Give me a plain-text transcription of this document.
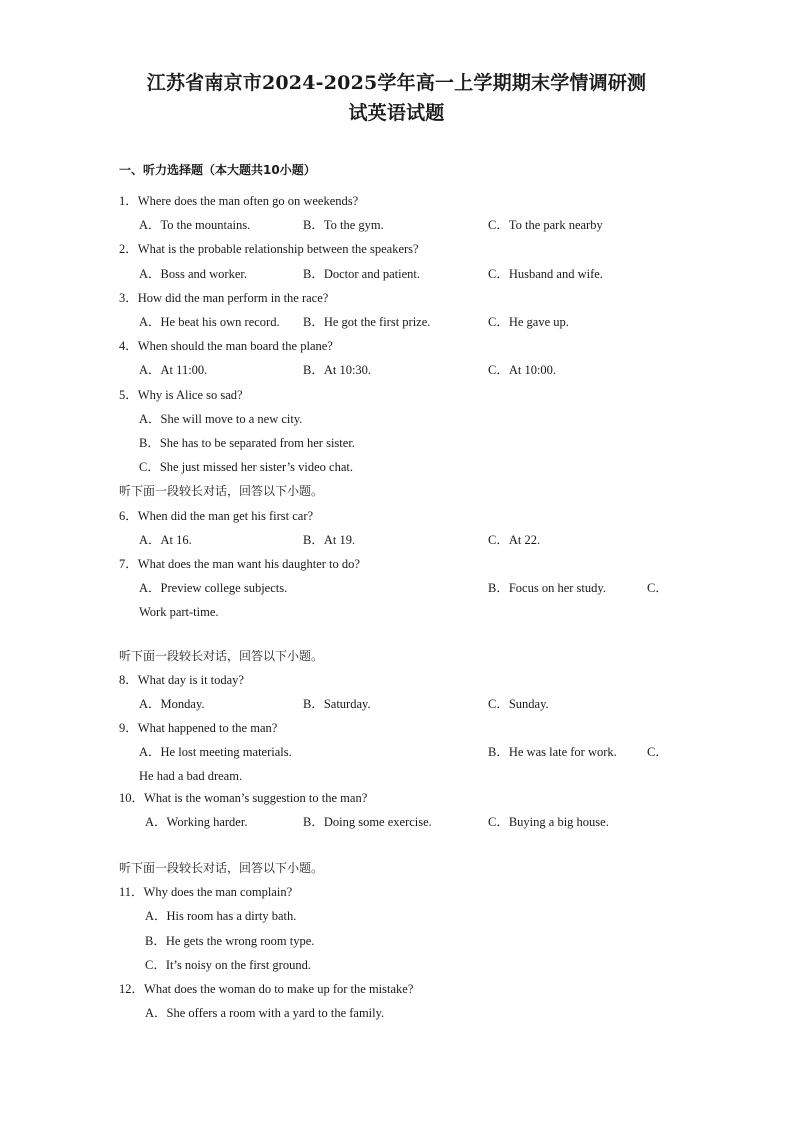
江苏省南京市2024-2025学年高一上学期期末学情调研测
试英语试题
一、听力选择题（本大题共10小题）
1．Where does the man often go on weekends?
A．To the mountains.	B．To the gym.	C．To the park nearby
2．What is the probable relationship between the speakers?
A．Boss and worker.	B．Doctor and patient.	C．Husband and wife.
3．How did the man perform in the race?
A．He beat his own record. B．He got the first prize.	C．He gave up.
4．When should the man board the plane?
A．At 11:00.	B．At 10:30.	C．At 10:00.
5．Why is Alice so sad?
A．She will move to a new city.
B．She has to be separated from her sister.
C．She just missed her sister’s video chat.
听下面一段较长对话，回答以下小题。
6．When did the man get his first car?
A．At 16.	B．At 19.	C．At 22.
7．What does the man want his daughter to do?
A．Preview college subjects.	B．Focus on her study.	C．
Work part-time.
听下面一段较长对话，回答以下小题。
8．What day is it today?
A．Monday.	B．Saturday.	C．Sunday.
9．What happened to the man?
A．He lost meeting materials.	B．He was late for work. C．
He had a bad dream.
10．What is the woman’s suggestion to the man?
A．Working harder.	B．Doing some exercise.	C．Buying a big house.
听下面一段较长对话，回答以下小题。
11．Why does the man complain?
A．His room has a dirty bath.
B．He gets the wrong room type.
C．It’s noisy on the first ground.
12．What does the woman do to make up for the mistake?
A．She offers a room with a yard to the family.
